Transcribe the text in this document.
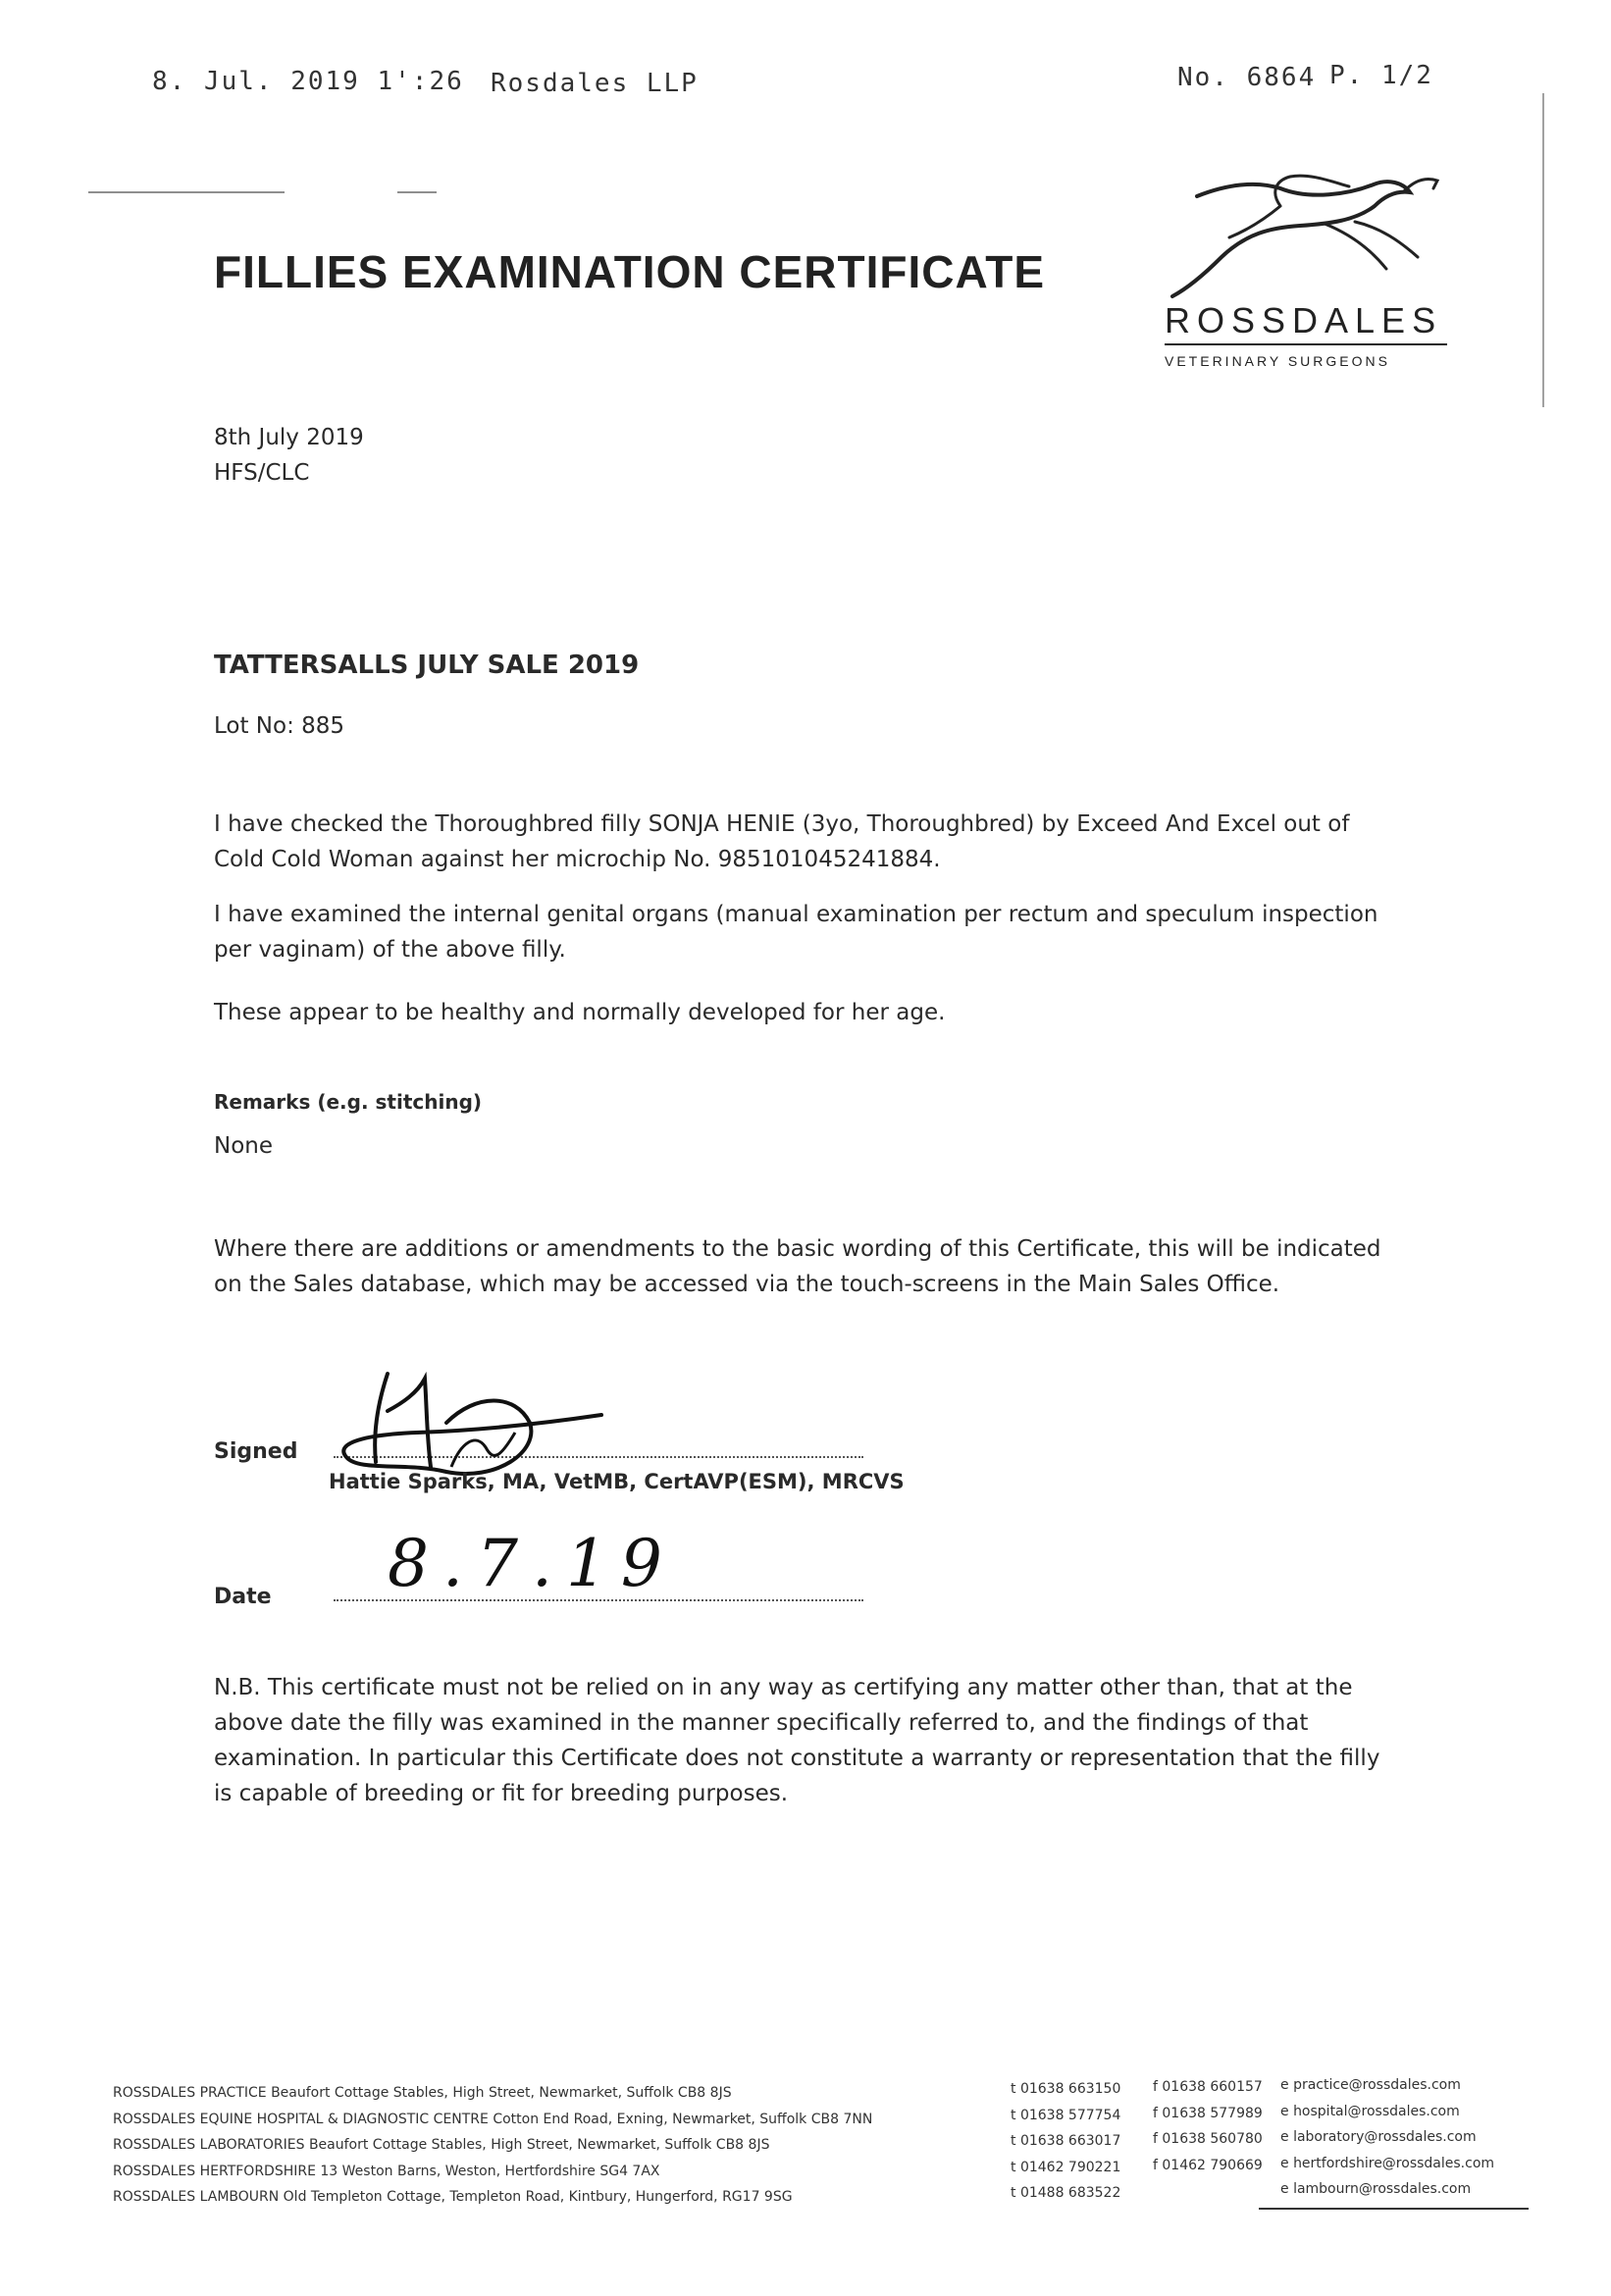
8. Jul. 2019 1':26 Rosdales LLP	No. 6864 P. 1/2
FILLIES EXAMINATION CERTIFICATE
ROSSDALES
VETERINARY SURGEONS
8th July 2019
HFS/CLC
TATTERSALLS JULY SALE 2019
Lot No: 885
I have checked the Thoroughbred filly SONJA HENIE (3yo, Thoroughbred) by Exceed And Excel out of Cold Cold Woman against her microchip No. 985101045241884.
I have examined the internal genital organs (manual examination per rectum and speculum inspection per vaginam) of the above filly.
These appear to be healthy and normally developed for her age.
Remarks (e.g. stitching)
None
Where there are additions or amendments to the basic wording of this Certificate, this will be indicated on the Sales database, which may be accessed via the touch-screens in the Main Sales Office.
Signed
Hattie Sparks, MA, VetMB, CertAVP(ESM), MRCVS
Date 8.7.19
N.B. This certificate must not be relied on in any way as certifying any matter other than, that at the above date the filly was examined in the manner specifically referred to, and the findings of that examination. In particular this Certificate does not constitute a warranty or representation that the filly is capable of breeding or fit for breeding purposes.
ROSSDALES PRACTICE Beaufort Cottage Stables, High Street, Newmarket, Suffolk CB8 8JS
ROSSDALES EQUINE HOSPITAL & DIAGNOSTIC CENTRE Cotton End Road, Exning, Newmarket, Suffolk CB8 7NN
ROSSDALES LABORATORIES Beaufort Cottage Stables, High Street, Newmarket, Suffolk CB8 8JS
ROSSDALES HERTFORDSHIRE 13 Weston Barns, Weston, Hertfordshire SG4 7AX
ROSSDALES LAMBOURN Old Templeton Cottage, Templeton Road, Kintbury, Hungerford, RG17 9SG
t 01638 663150
t 01638 577754
t 01638 663017
t 01462 790221
t 01488 683522
f 01638 660157
f 01638 577989
f 01638 560780
f 01462 790669
e practice@rossdales.com
e hospital@rossdales.com
e laboratory@rossdales.com
e hertfordshire@rossdales.com
e lambourn@rossdales.com
